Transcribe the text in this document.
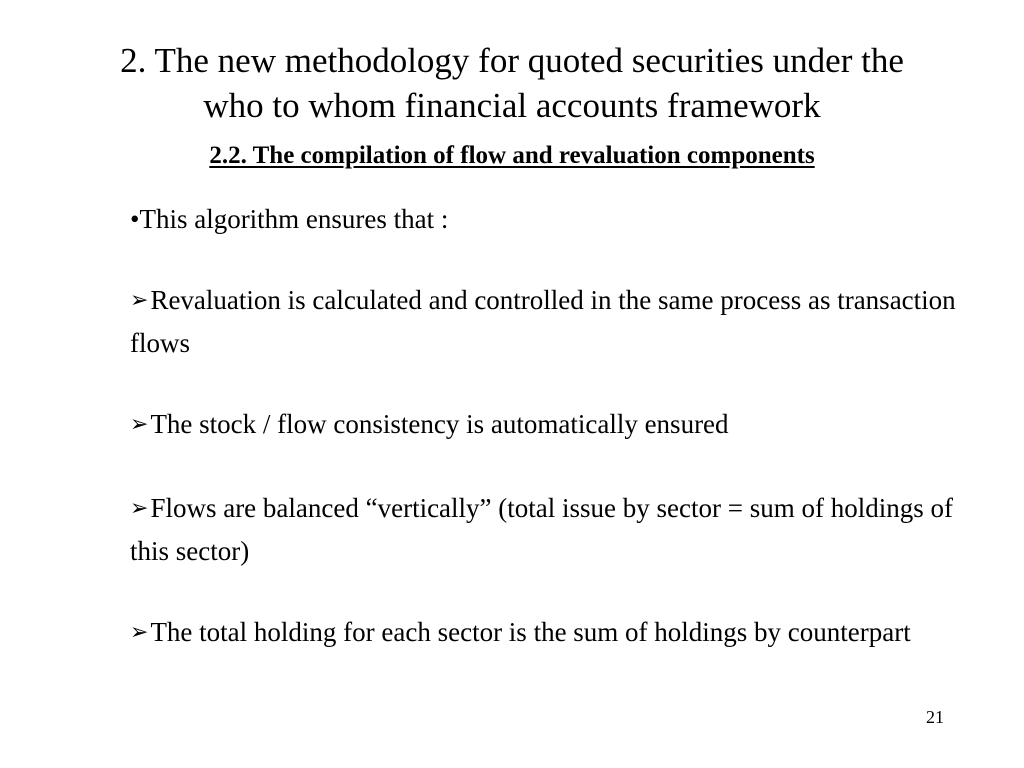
2. The new methodology for quoted securities under the
who to whom financial accounts framework
2.2. The compilation of flow and revaluation components

•This algorithm ensures that :

➢Revaluation is calculated and controlled in the same process as transaction flows

➢The stock / flow consistency is automatically ensured

➢Flows are balanced “vertically” (total issue by sector = sum of holdings of this sector)

➢The total holding for each sector is the sum of holdings by counterpart

21
